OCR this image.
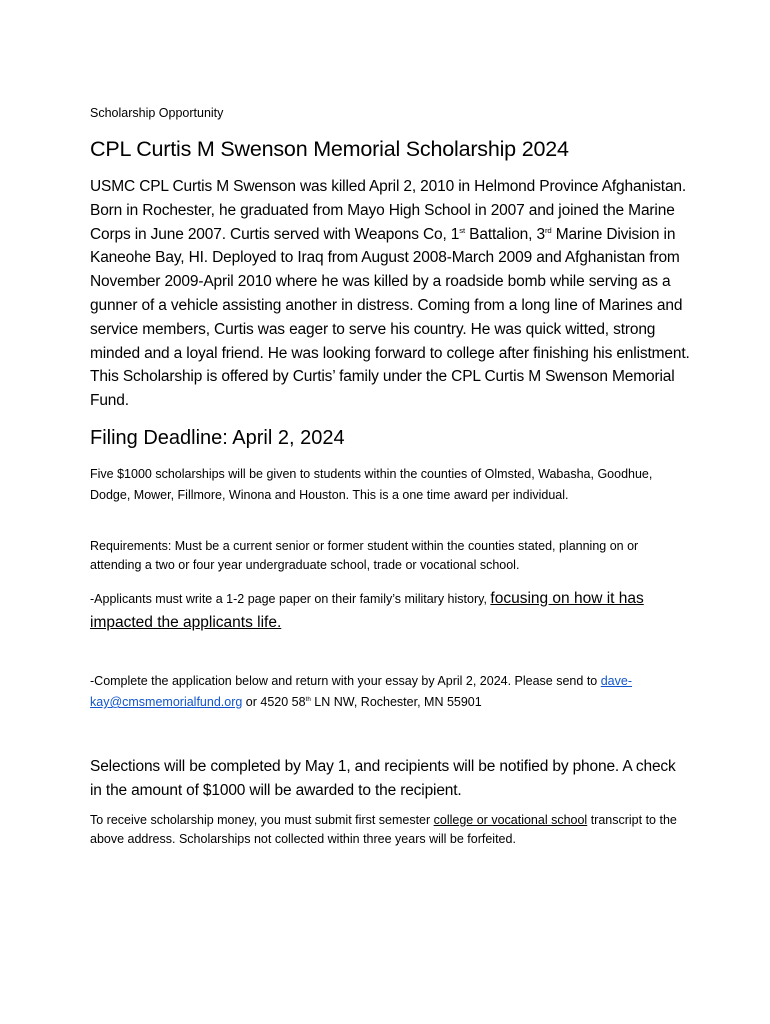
Scholarship Opportunity

CPL Curtis M Swenson Memorial Scholarship 2024

USMC CPL Curtis M Swenson was killed April 2, 2010 in Helmond Province Afghanistan. Born in Rochester, he graduated from Mayo High School in 2007 and joined the Marine Corps in June 2007. Curtis served with Weapons Co, 1st Battalion, 3rd Marine Division in Kaneohe Bay, HI. Deployed to Iraq from August 2008-March 2009 and Afghanistan from November 2009-April 2010 where he was killed by a roadside bomb while serving as a gunner of a vehicle assisting another in distress. Coming from a long line of Marines and service members, Curtis was eager to serve his country. He was quick witted, strong minded and a loyal friend. He was looking forward to college after finishing his enlistment. This Scholarship is offered by Curtis’ family under the CPL Curtis M Swenson Memorial Fund.

Filing Deadline: April 2, 2024

Five $1000 scholarships will be given to students within the counties of Olmsted, Wabasha, Goodhue, Dodge, Mower, Fillmore, Winona and Houston. This is a one time award per individual.

Requirements: Must be a current senior or former student within the counties stated, planning on or attending a two or four year undergraduate school, trade or vocational school.

-Applicants must write a 1-2 page paper on their family’s military history, focusing on how it has impacted the applicants life.

-Complete the application below and return with your essay by April 2, 2024. Please send to dave-kay@cmsmemorialfund.org or 4520 58th LN NW, Rochester, MN 55901

Selections will be completed by May 1, and recipients will be notified by phone. A check in the amount of $1000 will be awarded to the recipient.

To receive scholarship money, you must submit first semester college or vocational school transcript to the above address. Scholarships not collected within three years will be forfeited.
